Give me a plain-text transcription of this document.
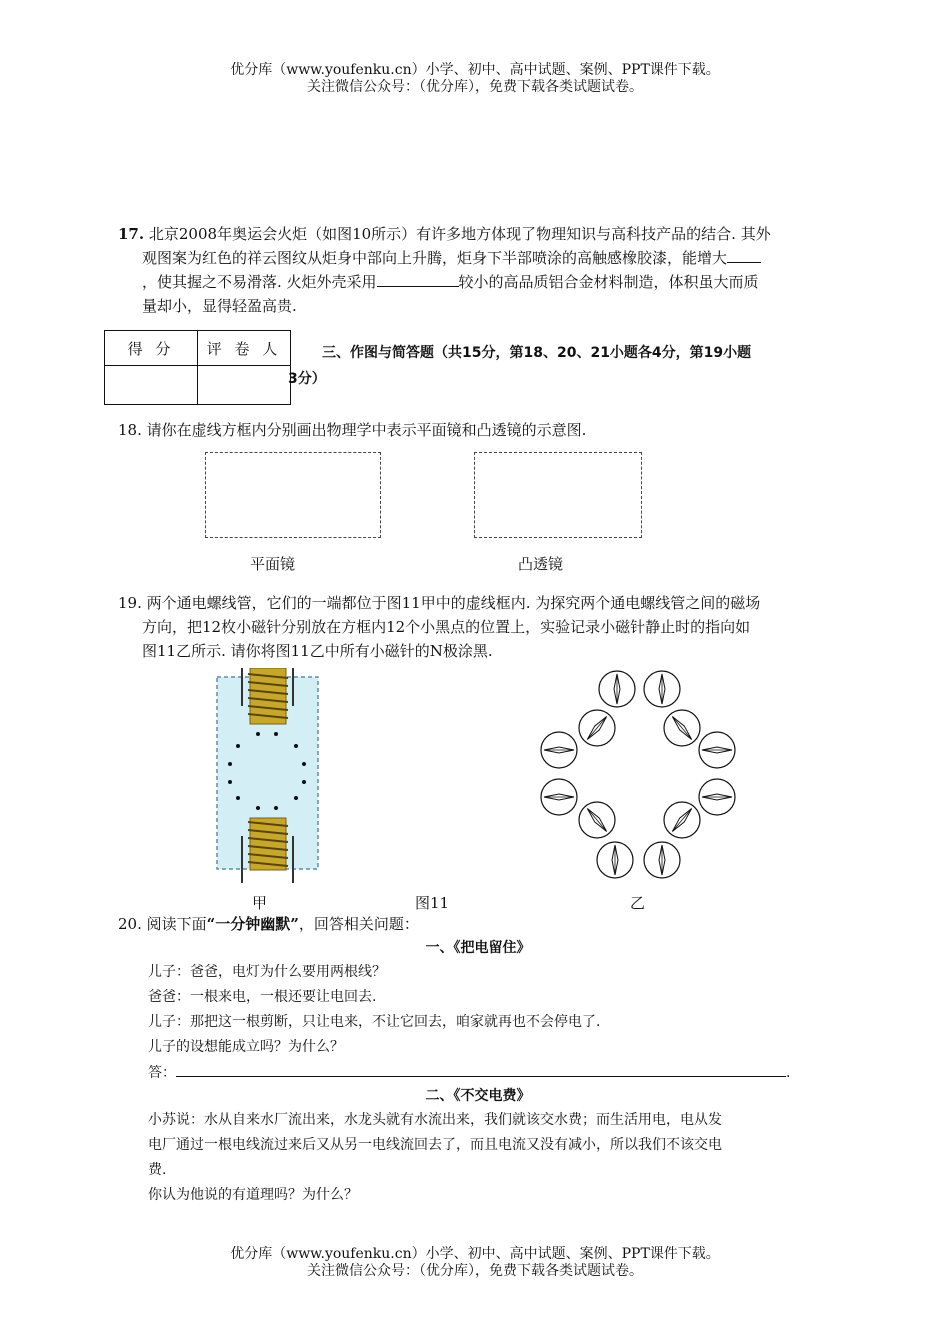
优分库（www.youfenku.cn）小学、初中、高中试题、案例、PPT课件下载。
关注微信公众号：（优分库），免费下载各类试题试卷。
17. 北京2008年奥运会火炬（如图10所示）有许多地方体现了物理知识与高科技产品的结合. 其外
观图案为红色的祥云图纹从炬身中部向上升腾，炬身下半部喷涂的高触感橡胶漆，能增大
，使其握之不易滑落. 火炬外壳采用	较小的高品质铝合金材料制造，体积虽大而质
量却小，显得轻盈高贵.
得 分	评 卷 人
		三、作图与简答题（共15分，第18、20、21小题各4分，第19小题
3分）
18. 请你在虚线方框内分别画出物理学中表示平面镜和凸透镜的示意图.
平面镜	凸透镜
19. 两个通电螺线管，它们的一端都位于图11甲中的虚线框内. 为探究两个通电螺线管之间的磁场
方向，把12枚小磁针分别放在方框内12个小黑点的位置上，实验记录小磁针静止时的指向如
图11乙所示. 请你将图11乙中所有小磁针的N极涂黑.
甲	图11	乙
20. 阅读下面“一分钟幽默”，回答相关问题：
一、《把电留住》
儿子：爸爸，电灯为什么要用两根线？
爸爸：一根来电，一根还要让电回去.
儿子：那把这一根剪断，只让电来，不让它回去，咱家就再也不会停电了.
儿子的设想能成立吗？为什么？
答：	.
二、《不交电费》
小苏说：水从自来水厂流出来，水龙头就有水流出来，我们就该交水费；而生活用电，电从发
电厂通过一根电线流过来后又从另一电线流回去了，而且电流又没有减小，所以我们不该交电
费.
你认为他说的有道理吗？为什么？
优分库（www.youfenku.cn）小学、初中、高中试题、案例、PPT课件下载。
关注微信公众号：（优分库），免费下载各类试题试卷。
